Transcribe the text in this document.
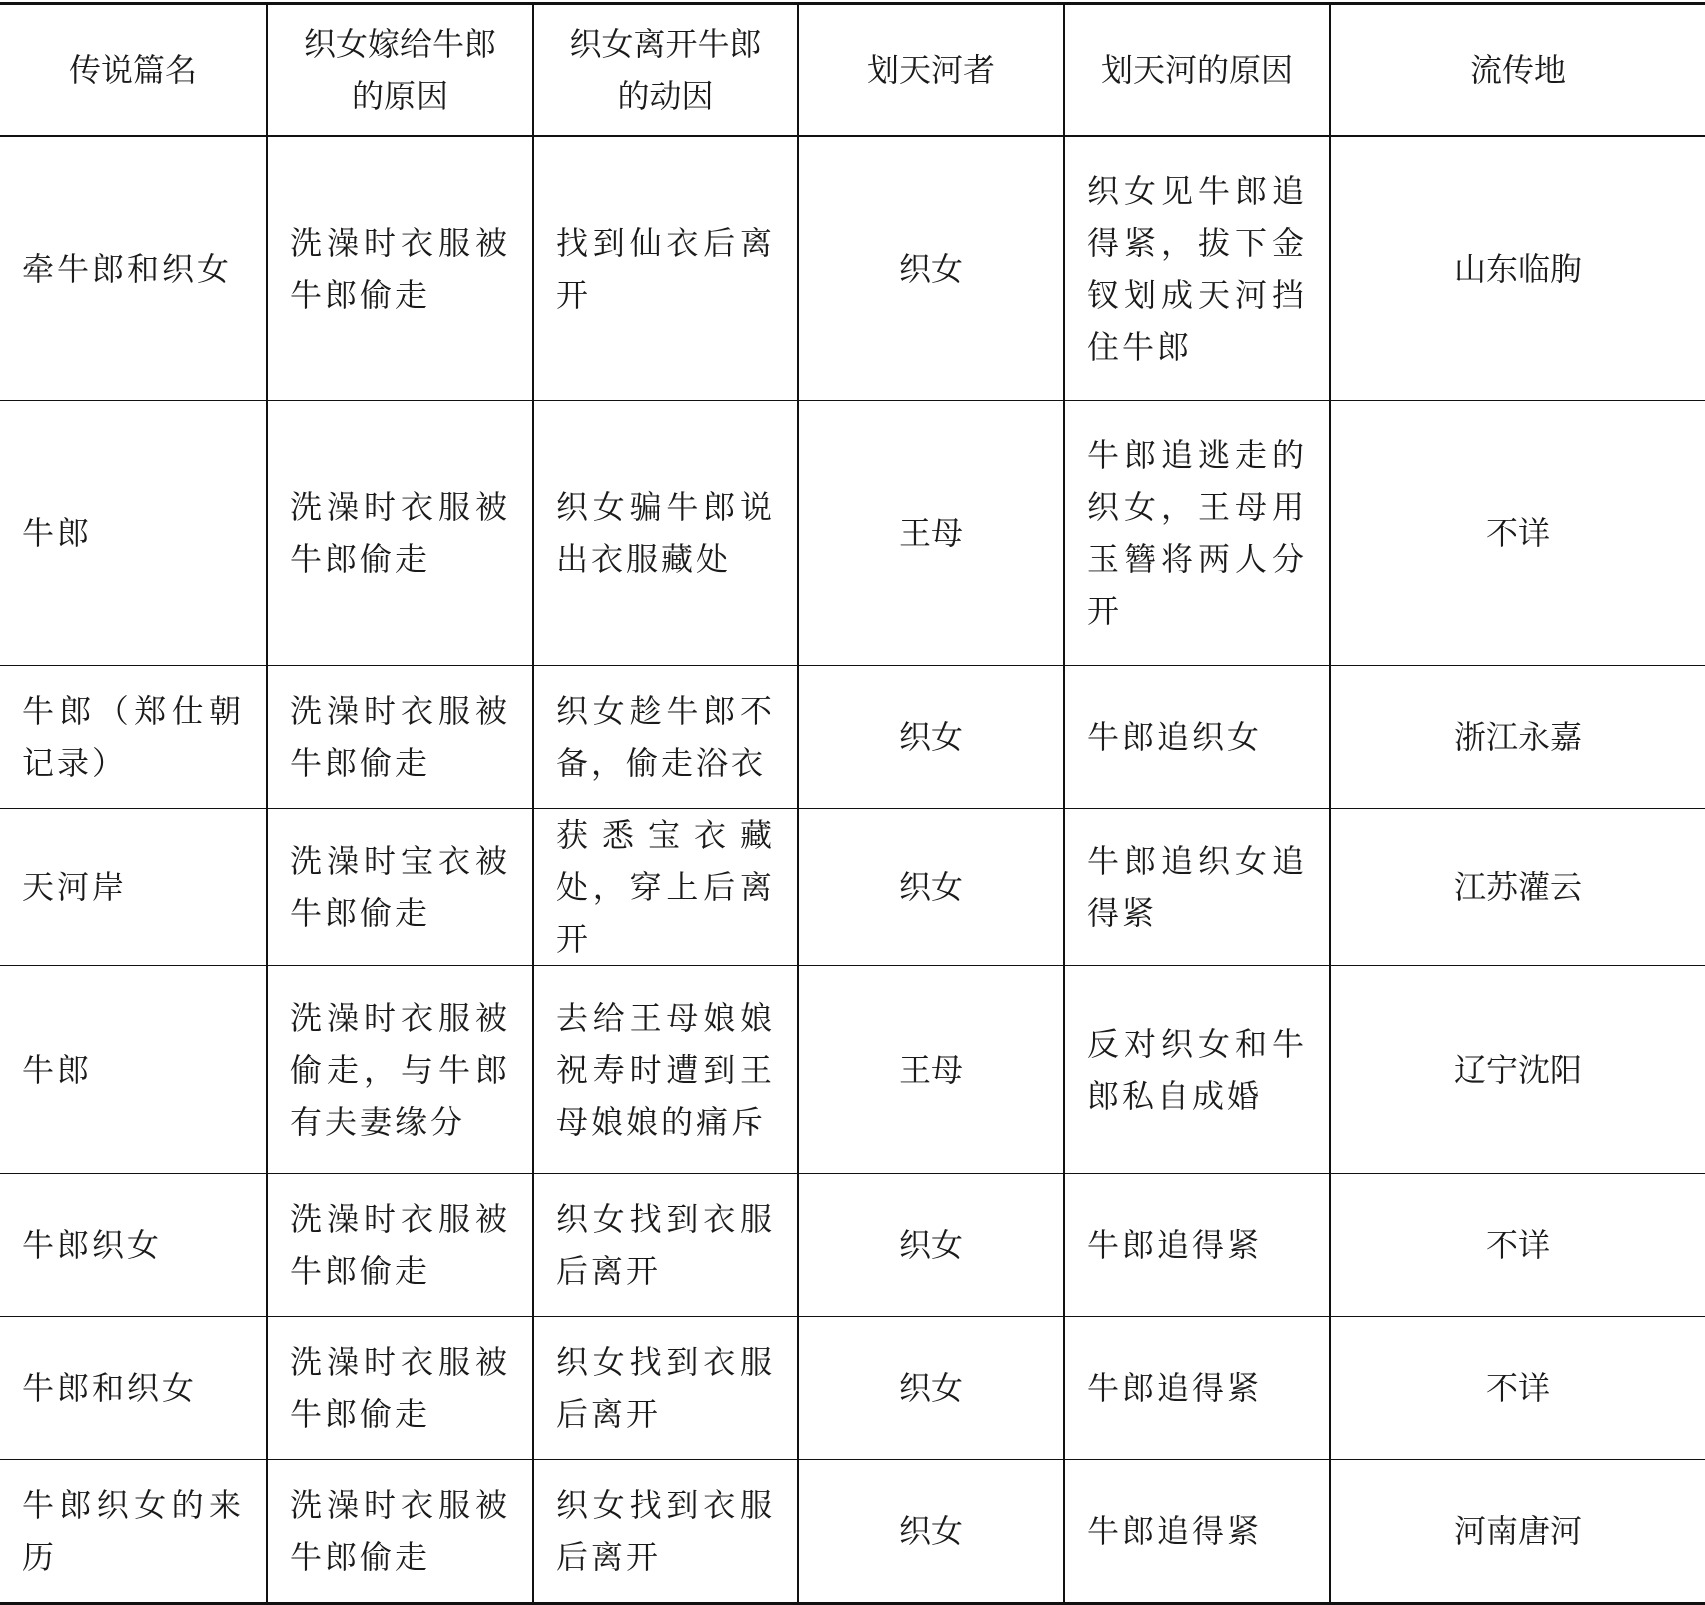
传说篇名	织女嫁给牛郎的原因	织女离开牛郎的动因	划天河者	划天河的原因	流传地
牵牛郎和织女	洗澡时衣服被牛郎偷走	找到仙衣后离开	织女	织女见牛郎追得紧，拔下金钗划成天河挡住牛郎	山东临朐
牛郎	洗澡时衣服被牛郎偷走	织女骗牛郎说出衣服藏处	王母	牛郎追逃走的织女，王母用玉簪将两人分开	不详
牛郎（郑仕朝记录）	洗澡时衣服被牛郎偷走	织女趁牛郎不备，偷走浴衣	织女	牛郎追织女	浙江永嘉
天河岸	洗澡时宝衣被牛郎偷走	获悉宝衣藏处，穿上后离开	织女	牛郎追织女追得紧	江苏灌云
牛郎	洗澡时衣服被偷走，与牛郎有夫妻缘分	去给王母娘娘祝寿时遭到王母娘娘的痛斥	王母	反对织女和牛郎私自成婚	辽宁沈阳
牛郎织女	洗澡时衣服被牛郎偷走	织女找到衣服后离开	织女	牛郎追得紧	不详
牛郎和织女	洗澡时衣服被牛郎偷走	织女找到衣服后离开	织女	牛郎追得紧	不详
牛郎织女的来历	洗澡时衣服被牛郎偷走	织女找到衣服后离开	织女	牛郎追得紧	河南唐河
